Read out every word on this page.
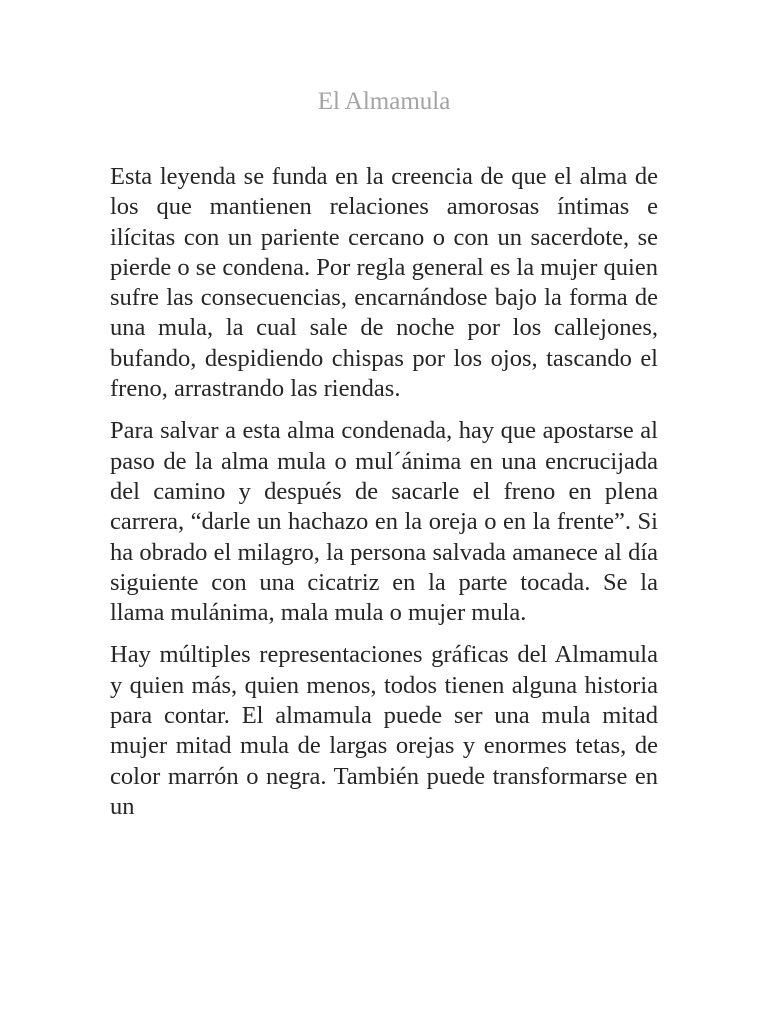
El Almamula

Esta leyenda se funda en la creencia de que el alma de los que mantienen relaciones amorosas íntimas e ilícitas con un pariente cercano o con un sacerdote, se pierde o se condena. Por regla general es la mujer quien sufre las consecuencias, encarnándose bajo la forma de una mula, la cual sale de noche por los callejones, bufando, despidiendo chispas por los ojos, tascando el freno, arrastrando las riendas.

Para salvar a esta alma condenada, hay que apostarse al paso de la alma mula o mul´ánima en una encrucijada del camino y después de sacarle el freno en plena carrera, “darle un hachazo en la oreja o en la frente”. Si ha obrado el milagro, la persona salvada amanece al día siguiente con una cicatriz en la parte tocada. Se la llama mulánima, mala mula o mujer mula.

Hay múltiples representaciones gráficas del Almamula y quien más, quien menos, todos tienen alguna historia para contar. El almamula puede ser una mula mitad mujer mitad mula de largas orejas y enormes tetas, de color marrón o negra. También puede transformarse en un
